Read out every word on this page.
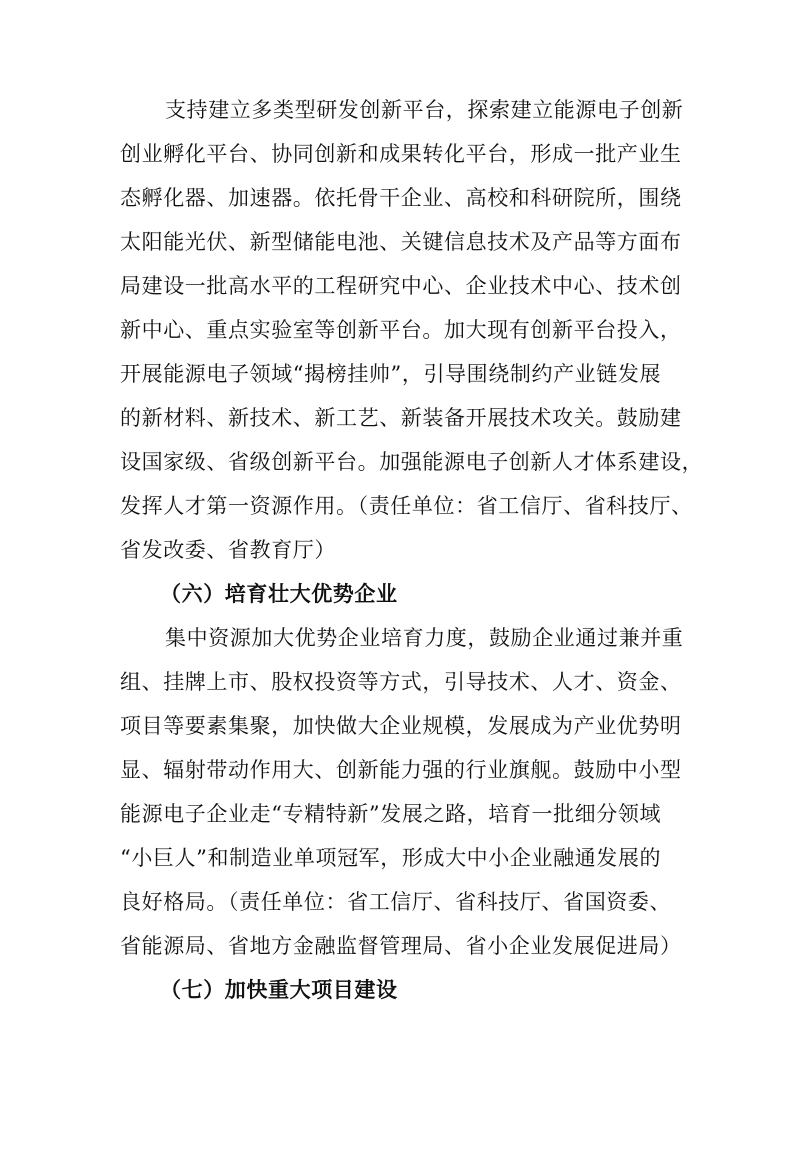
支持建立多类型研发创新平台，探索建立能源电子创新
创业孵化平台、协同创新和成果转化平台，形成一批产业生
态孵化器、加速器。依托骨干企业、高校和科研院所，围绕
太阳能光伏、新型储能电池、关键信息技术及产品等方面布
局建设一批高水平的工程研究中心、企业技术中心、技术创
新中心、重点实验室等创新平台。加大现有创新平台投入，
开展能源电子领域“揭榜挂帅”，引导围绕制约产业链发展
的新材料、新技术、新工艺、新装备开展技术攻关。鼓励建
设国家级、省级创新平台。加强能源电子创新人才体系建设，
发挥人才第一资源作用。（责任单位：省工信厅、省科技厅、
省发改委、省教育厅）
（六）培育壮大优势企业
集中资源加大优势企业培育力度，鼓励企业通过兼并重
组、挂牌上市、股权投资等方式，引导技术、人才、资金、
项目等要素集聚，加快做大企业规模，发展成为产业优势明
显、辐射带动作用大、创新能力强的行业旗舰。鼓励中小型
能源电子企业走“专精特新”发展之路，培育一批细分领域
“小巨人”和制造业单项冠军，形成大中小企业融通发展的
良好格局。（责任单位：省工信厅、省科技厅、省国资委、
省能源局、省地方金融监督管理局、省小企业发展促进局）
（七）加快重大项目建设
